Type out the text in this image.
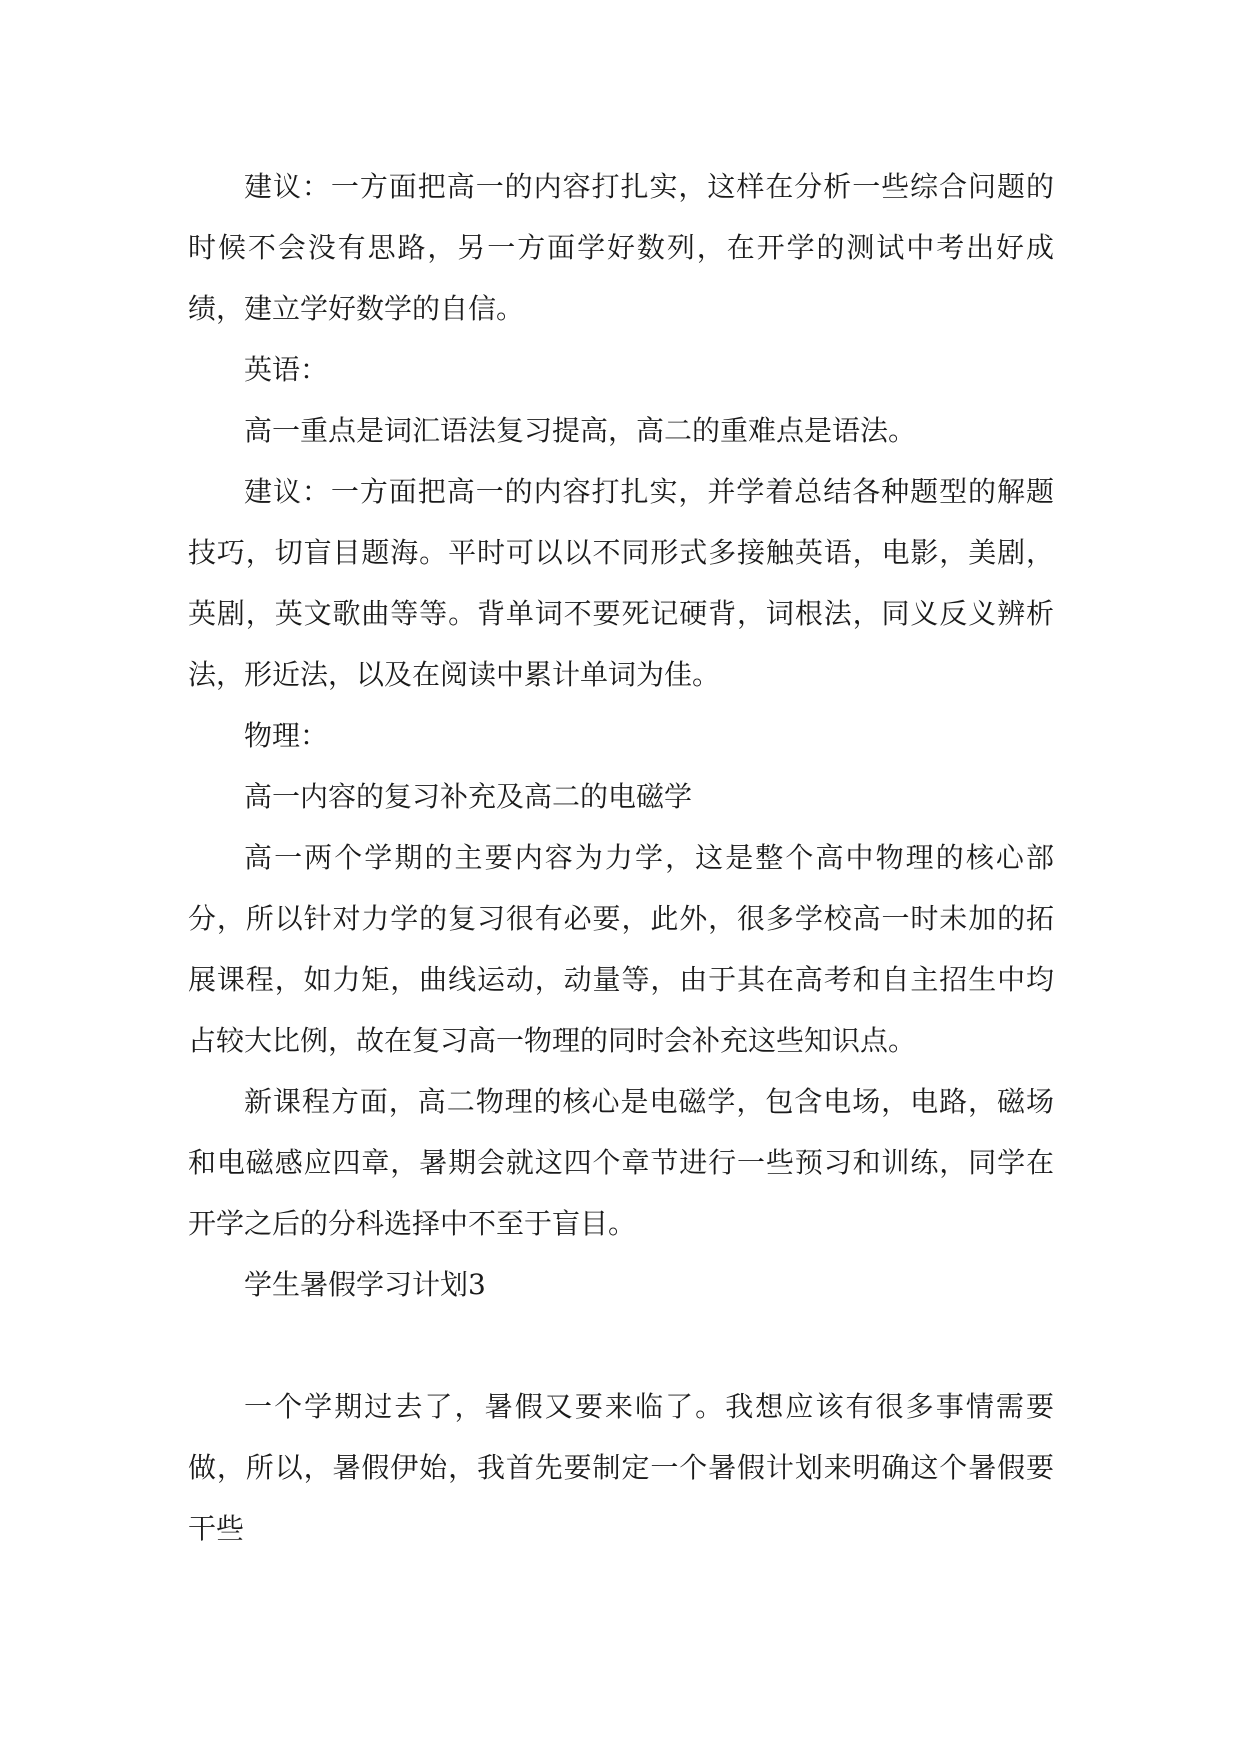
建议：一方面把高一的内容打扎实，这样在分析一些综合问题的时候不会没有思路，另一方面学好数列，在开学的测试中考出好成绩，建立学好数学的自信。

英语：

高一重点是词汇语法复习提高，高二的重难点是语法。

建议：一方面把高一的内容打扎实，并学着总结各种题型的解题技巧，切盲目题海。平时可以以不同形式多接触英语，电影，美剧，英剧，英文歌曲等等。背单词不要死记硬背，词根法，同义反义辨析法，形近法，以及在阅读中累计单词为佳。

物理：

高一内容的复习补充及高二的电磁学

高一两个学期的主要内容为力学，这是整个高中物理的核心部分，所以针对力学的复习很有必要，此外，很多学校高一时未加的拓展课程，如力矩，曲线运动，动量等，由于其在高考和自主招生中均占较大比例，故在复习高一物理的同时会补充这些知识点。

新课程方面，高二物理的核心是电磁学，包含电场，电路，磁场和电磁感应四章，暑期会就这四个章节进行一些预习和训练，同学在开学之后的分科选择中不至于盲目。

学生暑假学习计划3

一个学期过去了，暑假又要来临了。我想应该有很多事情需要做，所以，暑假伊始，我首先要制定一个暑假计划来明确这个暑假要干些
